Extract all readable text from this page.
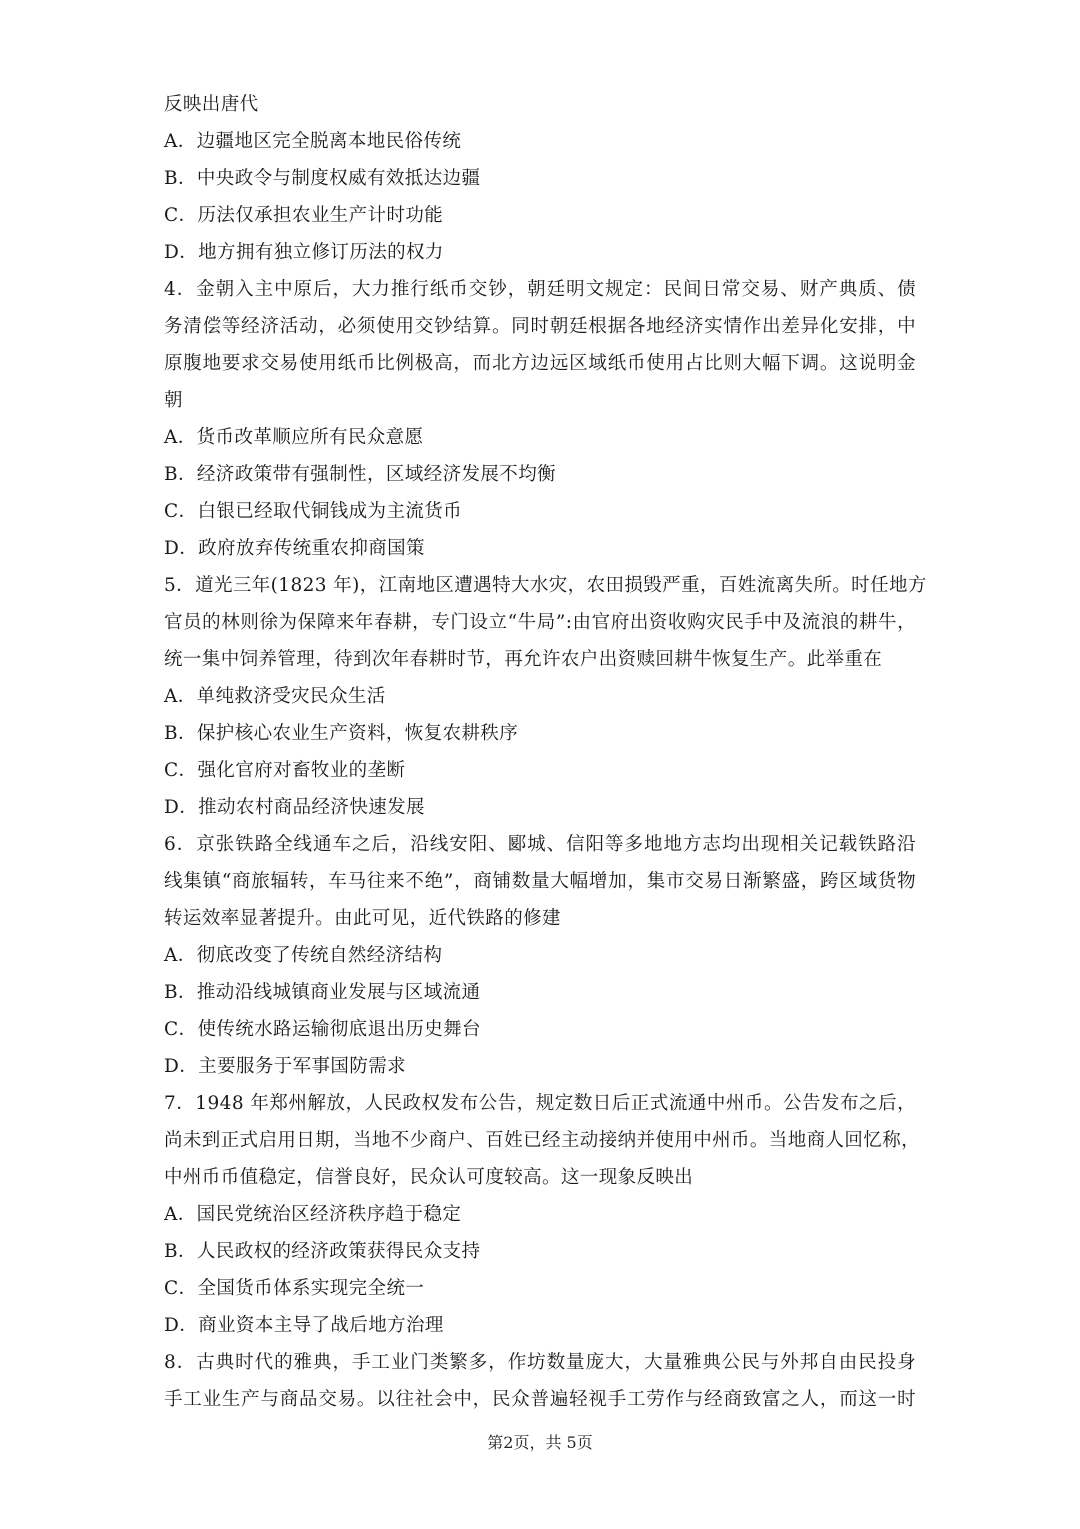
反映出唐代
A．边疆地区完全脱离本地民俗传统
B．中央政令与制度权威有效抵达边疆
C．历法仅承担农业生产计时功能
D．地方拥有独立修订历法的权力
4．金朝入主中原后，大力推行纸币交钞，朝廷明文规定：民间日常交易、财产典质、债
务清偿等经济活动，必须使用交钞结算。同时朝廷根据各地经济实情作出差异化安排，中
原腹地要求交易使用纸币比例极高，而北方边远区域纸币使用占比则大幅下调。这说明金
朝
A．货币改革顺应所有民众意愿
B．经济政策带有强制性，区域经济发展不均衡
C．白银已经取代铜钱成为主流货币
D．政府放弃传统重农抑商国策
5．道光三年(1823 年)，江南地区遭遇特大水灾，农田损毁严重，百姓流离失所。时任地方
官员的林则徐为保障来年春耕，专门设立“牛局”:由官府出资收购灾民手中及流浪的耕牛，
统一集中饲养管理，待到次年春耕时节，再允许农户出资赎回耕牛恢复生产。此举重在
A．单纯救济受灾民众生活
B．保护核心农业生产资料，恢复农耕秩序
C．强化官府对畜牧业的垄断
D．推动农村商品经济快速发展
6．京张铁路全线通车之后，沿线安阳、郾城、信阳等多地地方志均出现相关记载铁路沿
线集镇“商旅辐转，车马往来不绝”，商铺数量大幅增加，集市交易日渐繁盛，跨区域货物
转运效率显著提升。由此可见，近代铁路的修建
A．彻底改变了传统自然经济结构
B．推动沿线城镇商业发展与区域流通
C．使传统水路运输彻底退出历史舞台
D．主要服务于军事国防需求
7．1948 年郑州解放，人民政权发布公告，规定数日后正式流通中州币。公告发布之后，
尚未到正式启用日期，当地不少商户、百姓已经主动接纳并使用中州币。当地商人回忆称，
中州币币值稳定，信誉良好，民众认可度较高。这一现象反映出
A．国民党统治区经济秩序趋于稳定
B．人民政权的经济政策获得民众支持
C．全国货币体系实现完全统一
D．商业资本主导了战后地方治理
8．古典时代的雅典，手工业门类繁多，作坊数量庞大，大量雅典公民与外邦自由民投身
手工业生产与商品交易。以往社会中，民众普遍轻视手工劳作与经商致富之人，而这一时
第2页，共 5页
